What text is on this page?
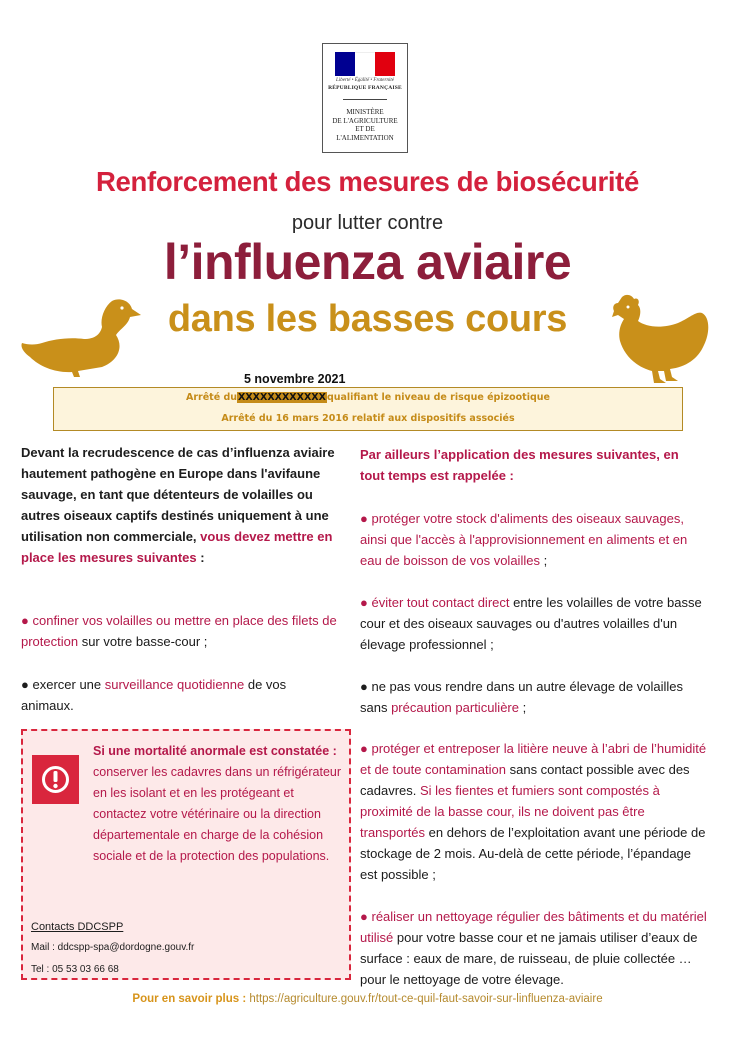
Liberté • Égalité • Fraternité
RÉPUBLIQUE FRANÇAISE
MINISTÈRE
DE L'AGRICULTURE
ET DE
L'ALIMENTATION
Renforcement des mesures de biosécurité
pour lutter contre
l’influenza aviaire
dans les basses cours
5 novembre 2021
Arrêté duXXXXXXXXXXXXqualifiant le niveau de risque épizootique
Arrêté du 16 mars 2016 relatif aux dispositifs associés
Devant la recrudescence de cas d’influenza aviaire hautement pathogène en Europe dans l'avifaune sauvage, en tant que détenteurs de volailles ou autres oiseaux captifs destinés uniquement à une utilisation non commerciale, vous devez mettre en place les mesures suivantes :
● confiner vos volailles ou mettre en place des filets de protection sur votre basse-cour ;
● exercer une surveillance quotidienne de vos animaux.
Si une mortalité anormale est constatée : conserver les cadavres dans un réfrigérateur en les isolant et en les protégeant et contactez votre vétérinaire ou la direction départementale en charge de la cohésion sociale et de la protection des populations.
Contacts DDCSPP
Mail : ddcspp-spa@dordogne.gouv.fr
Tel : 05 53 03 66 68
Par ailleurs l’application des mesures suivantes, en tout temps est rappelée :
● protéger votre stock d'aliments des oiseaux sauvages, ainsi que l'accès à l'approvisionnement en aliments et en eau de boisson de vos volailles ;
● éviter tout contact direct entre les volailles de votre basse cour et des oiseaux sauvages ou d'autres volailles d'un élevage professionnel ;
● ne pas vous rendre dans un autre élevage de volailles sans précaution particulière ;
● protéger et entreposer la litière neuve à l’abri de l’humidité et de toute contamination sans contact possible avec des cadavres. Si les fientes et fumiers sont compostés à proximité de la basse cour, ils ne doivent pas être transportés en dehors de l’exploitation avant une période de stockage de 2 mois. Au-delà de cette période, l’épandage est possible ;
● réaliser un nettoyage régulier des bâtiments et du matériel utilisé pour votre basse cour et ne jamais utiliser d’eaux de surface : eaux de mare, de ruisseau, de pluie collectée … pour le nettoyage de votre élevage.
Pour en savoir plus : https://agriculture.gouv.fr/tout-ce-quil-faut-savoir-sur-linfluenza-aviaire
